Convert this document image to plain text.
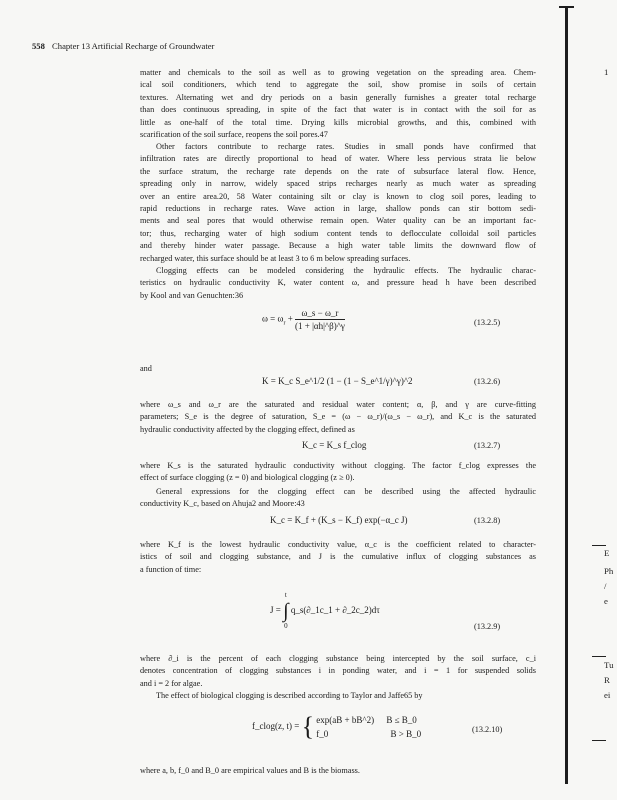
558 Chapter 13 Artificial Recharge of Groundwater
1
E
Ph
/
e
Tu
R
ei
matter and chemicals to the soil as well as to growing vegetation on the spreading area. Chem-
ical soil conditioners, which tend to aggregate the soil, show promise in soils of certain
textures. Alternating wet and dry periods on a basin generally furnishes a greater total recharge
than does continuous spreading, in spite of the fact that water is in contact with the soil for as
little as one-half of the total time. Drying kills microbial growths, and this, combined with
scarification of the soil surface, reopens the soil pores.47
Other factors contribute to recharge rates. Studies in small ponds have confirmed that
infiltration rates are directly proportional to head of water. Where less pervious strata lie below
the surface stratum, the recharge rate depends on the rate of subsurface lateral flow. Hence,
spreading only in narrow, widely spaced strips recharges nearly as much water as spreading
over an entire area.20, 58 Water containing silt or clay is known to clog soil pores, leading to
rapid reductions in recharge rates. Wave action in large, shallow ponds can stir bottom sedi-
ments and seal pores that would otherwise remain open. Water quality can be an important fac-
tor; thus, recharging water of high sodium content tends to deflocculate colloidal soil particles
and thereby hinder water passage. Because a high water table limits the downward flow of
recharged water, this surface should be at least 3 to 6 m below spreading surfaces.
Clogging effects can be modeled considering the hydraulic effects. The hydraulic charac-
teristics on hydraulic conductivity K, water content ω, and pressure head h have been described
by Kool and van Genuchten:36
$\omega = \omega_r + \frac{\omega\_s - \omega\_r}{(1 + |\alpha h|\^{}\beta)\^{}\gamma}$	(13.2.5)
and
K = K_c S_e^1/2 (1 − (1 − S_e^1/γ)^γ)^2	(13.2.6)
where ω_s and ω_r are the saturated and residual water content; α, β, and γ are curve-fitting
parameters; S_e is the degree of saturation, S_e = (ω − ω_r)/(ω_s − ω_r), and K_c is the saturated
hydraulic conductivity affected by the clogging effect, defined as
K_c = K_s f_clog	(13.2.7)
where K_s is the saturated hydraulic conductivity without clogging. The factor f_clog expresses the
effect of surface clogging (z = 0) and biological clogging (z ≥ 0).
General expressions for the clogging effect can be described using the affected hydraulic
conductivity K_c, based on Ahuja2 and Moore:43
K_c = K_f + (K_s − K_f) exp(−α_c J)	(13.2.8)
where K_f is the lowest hydraulic conductivity value, α_c is the coefficient related to character-
istics of soil and clogging substance, and J is the cumulative influx of clogging substances as
a function of time:
J =
t
∫
0
q_s(∂_1c_1 + ∂_2c_2)dτ
(13.2.9)
where ∂_i is the percent of each clogging substance being intercepted by the soil surface, c_i
denotes concentration of clogging substances i in ponding water, and i = 1 for suspended solids
and i = 2 for algae.
The effect of biological clogging is described according to Taylor and Jaffe65 by
f_clog(z, t) = { exp(aB + bB^2) B ≤ B_0
f_0	B > B_0	(13.2.10)
where a, b, f_0 and B_0 are empirical values and B is the biomass.
